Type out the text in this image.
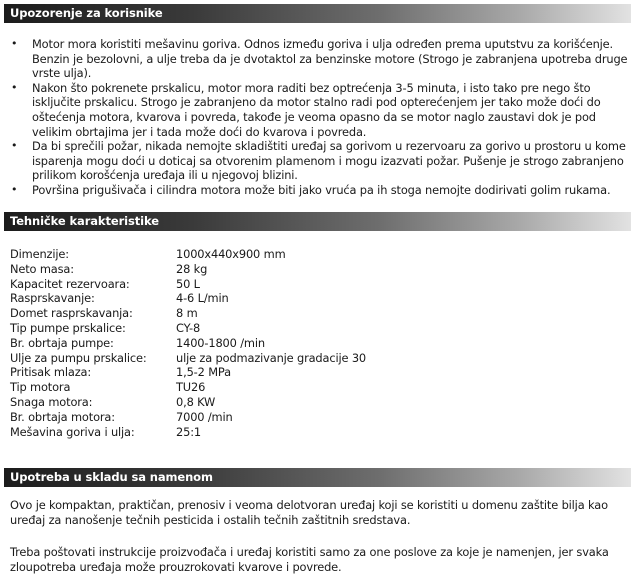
Upozorenje za korisnike
• Motor mora koristiti mešavinu goriva. Odnos između goriva i ulja određen prema uputstvu za korišćenje. Benzin je bezolovni, a ulje treba da je dvotaktol za benzinske motore (Strogo je zabranjena upotreba druge vrste ulja).
• Nakon što pokrenete prskalicu, motor mora raditi bez optrećenja 3-5 minuta, i isto tako pre nego što isključite prskalicu. Strogo je zabranjeno da motor stalno radi pod opterećenjem jer tako može doći do oštećenja motora, kvarova i povreda, takođe je veoma opasno da se motor naglo zaustavi dok je pod velikim obrtajima jer i tada može doći do kvarova i povreda.
• Da bi sprečili požar, nikada nemojte skladištiti uređaj sa gorivom u rezervoaru za gorivo u prostoru u kome isparenja mogu doći u doticaj sa otvorenim plamenom i mogu izazvati požar. Pušenje je strogo zabranjeno prilikom korošćenja uređaja ili u njegovoj blizini.
• Površina prigušivača i cilindra motora može biti jako vruća pa ih stoga nemojte dodirivati golim rukama.
Tehničke karakteristike
Dimenzije:	1000x440x900 mm
Neto masa:	28 kg
Kapacitet rezervoara:	50 L
Rasprskavanje:	4-6 L/min
Domet rasprskavanja:	8 m
Tip pumpe prskalice:	CY-8
Br. obrtaja pumpe:	1400-1800 /min
Ulje za pumpu prskalice:	ulje za podmazivanje gradacije 30
Pritisak mlaza:	1,5-2 MPa
Tip motora	TU26
Snaga motora:	0,8 KW
Br. obrtaja motora:	7000 /min
Mešavina goriva i ulja:	25:1
Upotreba u skladu sa namenom

Ovo je kompaktan, praktičan, prenosiv i veoma delotvoran uređaj koji se koristiti u domenu zaštite bilja kao uređaj za nanošenje tečnih pesticida i ostalih tečnih zaštitnih sredstava.

Treba poštovati instrukcije proizvođača i uređaj koristiti samo za one poslove za koje je namenjen, jer svaka zloupotreba uređaja može prouzrokovati kvarove i povrede.
